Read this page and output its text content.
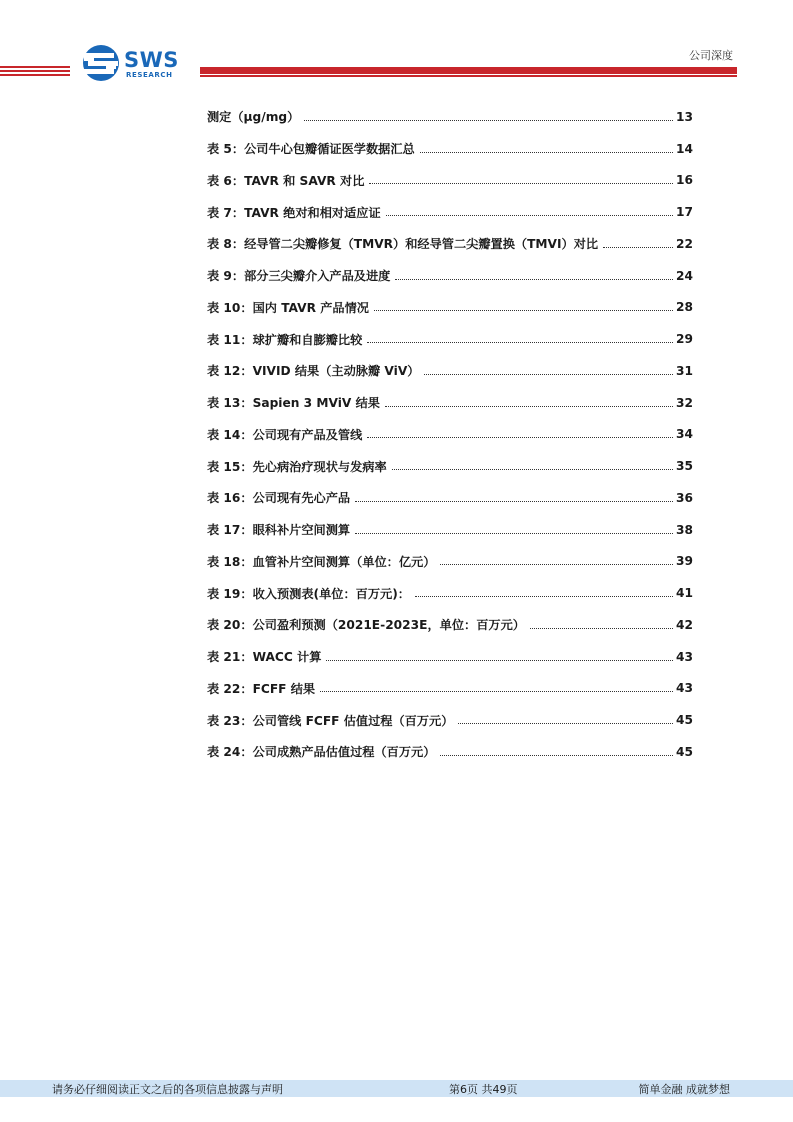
SWS
RESEARCH
公司深度
测定（μg/mg）	13
表 5：公司牛心包瓣循证医学数据汇总	14
表 6：TAVR 和 SAVR 对比	16
表 7：TAVR 绝对和相对适应证	17
表 8：经导管二尖瓣修复（TMVR）和经导管二尖瓣置换（TMVI）对比	22
表 9：部分三尖瓣介入产品及进度	24
表 10：国内 TAVR 产品情况	28
表 11：球扩瓣和自膨瓣比较	29
表 12：VIVID 结果（主动脉瓣 ViV）	31
表 13：Sapien 3 MViV 结果	32
表 14：公司现有产品及管线	34
表 15：先心病治疗现状与发病率	35
表 16：公司现有先心产品	36
表 17：眼科补片空间测算	38
表 18：血管补片空间测算（单位：亿元）	39
表 19：收入预测表(单位：百万元)：	41
表 20：公司盈利预测（2021E-2023E，单位：百万元）	42
表 21：WACC 计算	43
表 22：FCFF 结果	43
表 23：公司管线 FCFF 估值过程（百万元）	45
表 24：公司成熟产品估值过程（百万元）	45
请务必仔细阅读正文之后的各项信息披露与声明	第6页 共49页	简单金融 成就梦想
